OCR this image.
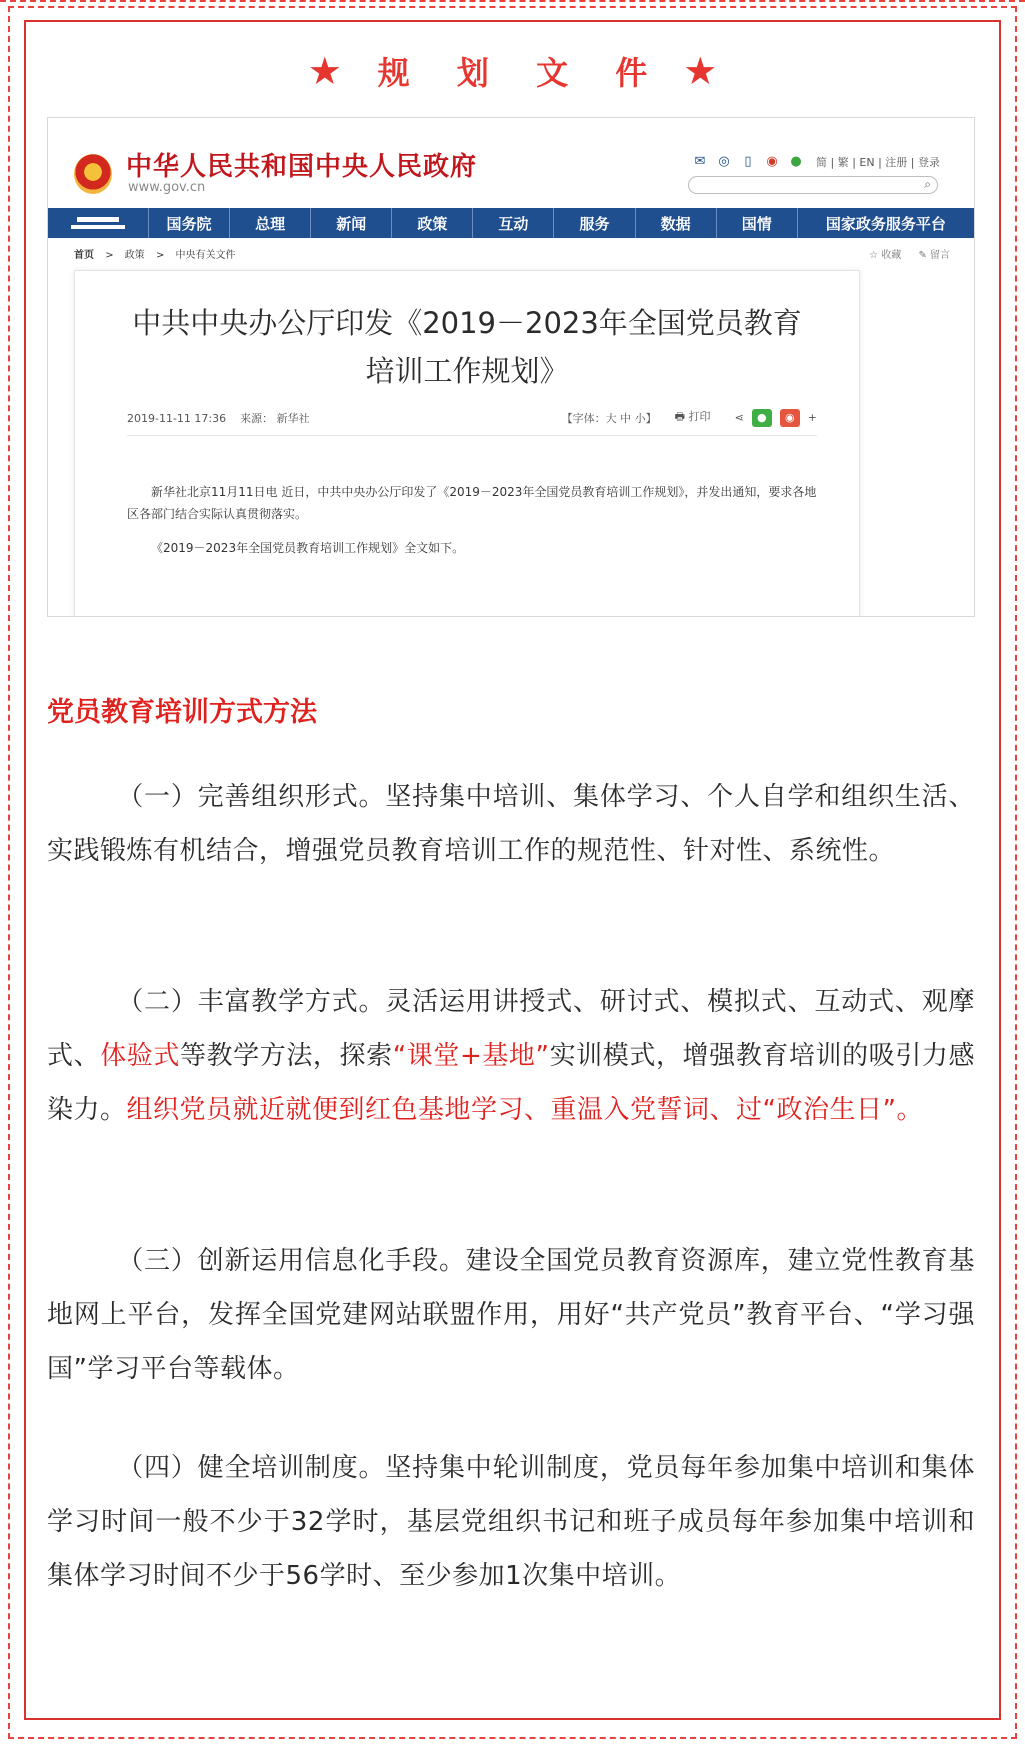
★	规 划 文 件 ★
中华人民共和国中央人民政府
www.gov.cn
✉ ◎	▯	◉ ● 简 | 繁 | EN | 注册 | 登录
⌕
国务院	总理	新闻	政策	互动	服务	数据	国情	国家政务服务平台
首页 > 政策 > 中央有关文件	☆ 收藏 ✎ 留言
中共中央办公厅印发《2019－2023年全国党员教育培训工作规划》
2019-11-11 17:36 来源： 新华社	【字体：大 中 小】 🖶 打印 ⋖	●	◉	+
新华社北京11月11日电 近日，中共中央办公厅印发了《2019－2023年全国党员教育培训工作规划》，并发出通知，要求各地区各部门结合实际认真贯彻落实。
《2019－2023年全国党员教育培训工作规划》全文如下。
党员教育培训方式方法
（一）完善组织形式。坚持集中培训、集体学习、个人自学和组织生活、实践锻炼有机结合，增强党员教育培训工作的规范性、针对性、系统性。
（二）丰富教学方式。灵活运用讲授式、研讨式、模拟式、互动式、观摩式、体验式等教学方法，探索“课堂+基地”实训模式，增强教育培训的吸引力感染力。组织党员就近就便到红色基地学习、重温入党誓词、过“政治生日”。
（三）创新运用信息化手段。建设全国党员教育资源库，建立党性教育基地网上平台，发挥全国党建网站联盟作用，用好“共产党员”教育平台、“学习强国”学习平台等载体。
（四）健全培训制度。坚持集中轮训制度，党员每年参加集中培训和集体学习时间一般不少于32学时，基层党组织书记和班子成员每年参加集中培训和集体学习时间不少于56学时、至少参加1次集中培训。
